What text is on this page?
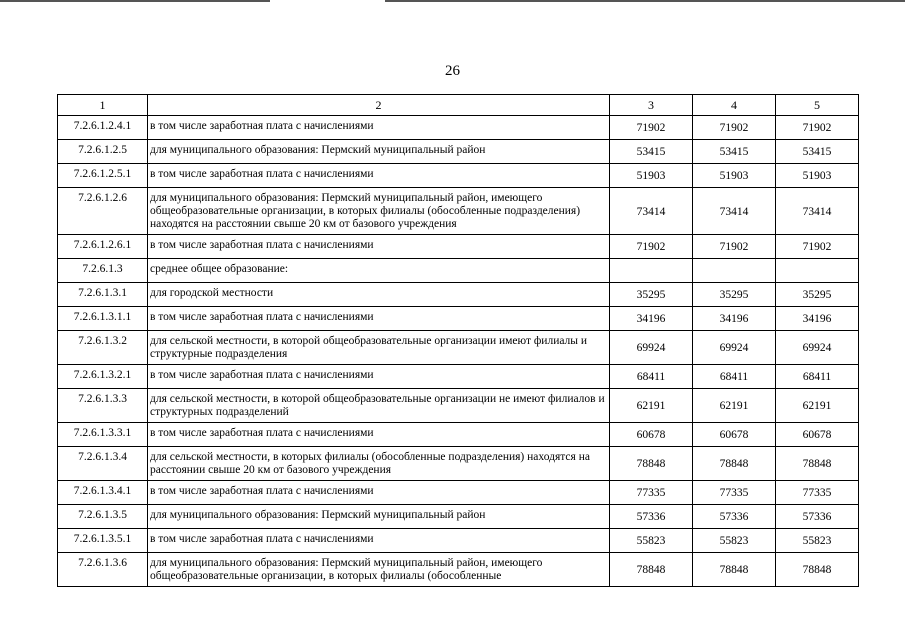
26
1	2	3	4	5
7.2.6.1.2.4.1	в том числе заработная плата с начислениями	71902	71902	71902
7.2.6.1.2.5	для муниципального образования: Пермский муниципальный район	53415	53415	53415
7.2.6.1.2.5.1	в том числе заработная плата с начислениями	51903	51903	51903
7.2.6.1.2.6	для муниципального образования: Пермский муниципальный район, имеющего общеобразовательные организации, в которых филиалы (обособленные подразделения) находятся на расстоянии свыше 20 км от базового учреждения	73414	73414	73414
7.2.6.1.2.6.1	в том числе заработная плата с начислениями	71902	71902	71902
7.2.6.1.3	среднее общее образование:			
7.2.6.1.3.1	для городской местности	35295	35295	35295
7.2.6.1.3.1.1	в том числе заработная плата с начислениями	34196	34196	34196
7.2.6.1.3.2	для сельской местности, в которой общеобразовательные организации имеют филиалы и структурные подразделения	69924	69924	69924
7.2.6.1.3.2.1	в том числе заработная плата с начислениями	68411	68411	68411
7.2.6.1.3.3	для сельской местности, в которой общеобразовательные организации не имеют филиалов и структурных подразделений	62191	62191	62191
7.2.6.1.3.3.1	в том числе заработная плата с начислениями	60678	60678	60678
7.2.6.1.3.4	для сельской местности, в которых филиалы (обособленные подразделения) находятся на расстоянии свыше 20 км от базового учреждения	78848	78848	78848
7.2.6.1.3.4.1	в том числе заработная плата с начислениями	77335	77335	77335
7.2.6.1.3.5	для муниципального образования: Пермский муниципальный район	57336	57336	57336
7.2.6.1.3.5.1	в том числе заработная плата с начислениями	55823	55823	55823
7.2.6.1.3.6	для муниципального образования: Пермский муниципальный район, имеющего общеобразовательные организации, в которых филиалы (обособленные	78848	78848	78848
